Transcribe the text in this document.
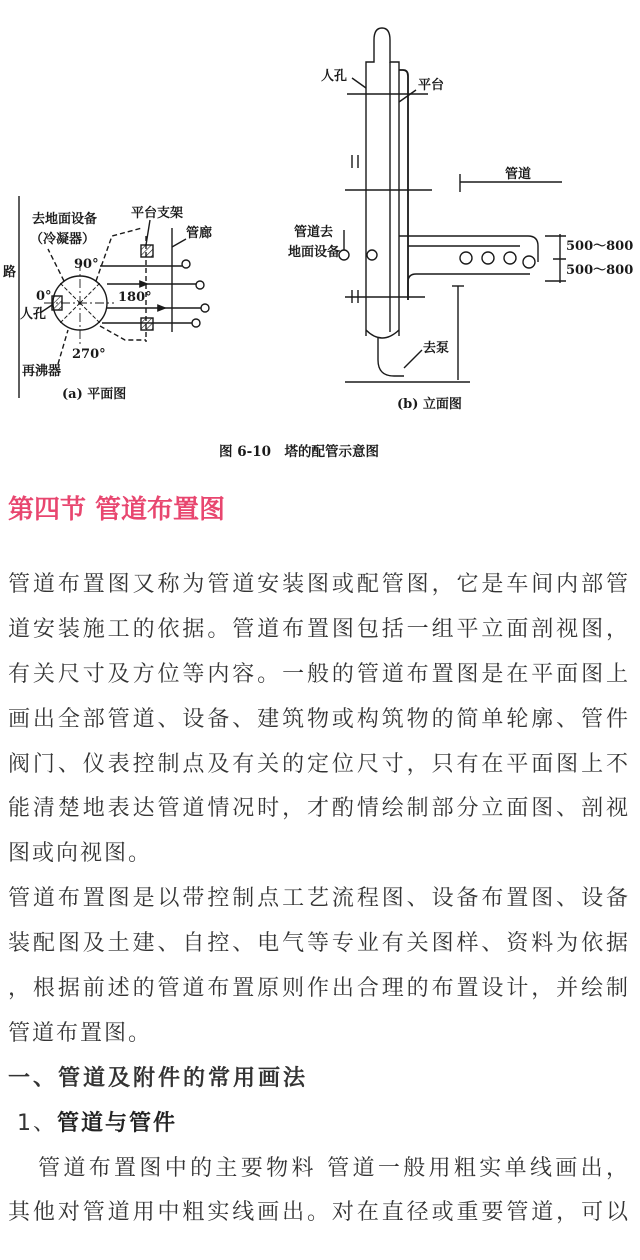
路
去地面设备
（冷凝器）
人孔
90°
0°	180°
270°
再沸器
平台支架
管廊
(a) 平面图
人孔
平台
管道
管道去
地面设备	500～800
500～800
去泵
(b) 立面图
图 6-10　塔的配管示意图
第四节 管道布置图
管道布置图又称为管道安装图或配管图，它是车间内部管
道安装施工的依据。管道布置图包括一组平立面剖视图，
有关尺寸及方位等内容。一般的管道布置图是在平面图上
画出全部管道、设备、建筑物或构筑物的简单轮廓、管件
阀门、仪表控制点及有关的定位尺寸，只有在平面图上不
能清楚地表达管道情况时，才酌情绘制部分立面图、剖视
图或向视图。
管道布置图是以带控制点工艺流程图、设备布置图、设备
装配图及土建、自控、电气等专业有关图样、资料为依据
，根据前述的管道布置原则作出合理的布置设计，并绘制
管道布置图。
一、管道及附件的常用画法
1、管道与管件
管道布置图中的主要物料 管道一般用粗实单线画出，
其他对管道用中粗实线画出。对在直径或重要管道，可以
